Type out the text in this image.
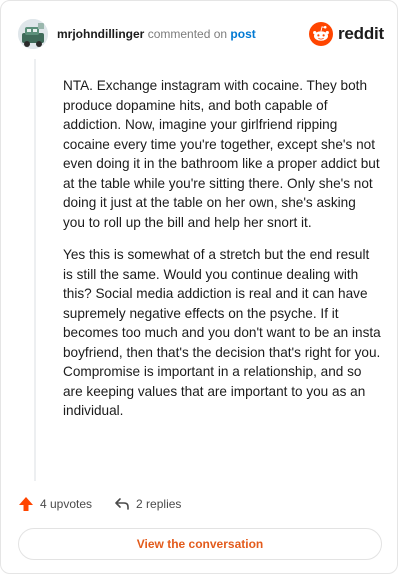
mrjohndillinger commented on post	reddit

NTA. Exchange instagram with cocaine. They both produce dopamine hits, and both capable of addiction. Now, imagine your girlfriend ripping cocaine every time you're together, except she's not even doing it in the bathroom like a proper addict but at the table while you're sitting there. Only she's not doing it just at the table on her own, she's asking you to roll up the bill and help her snort it.

Yes this is somewhat of a stretch but the end result is still the same. Would you continue dealing with this? Social media addiction is real and it can have supremely negative effects on the psyche. If it becomes too much and you don't want to be an insta boyfriend, then that's the decision that's right for you. Compromise is important in a relationship, and so are keeping values that are important to you as an individual.

4 upvotes	2 replies
View the conversation
